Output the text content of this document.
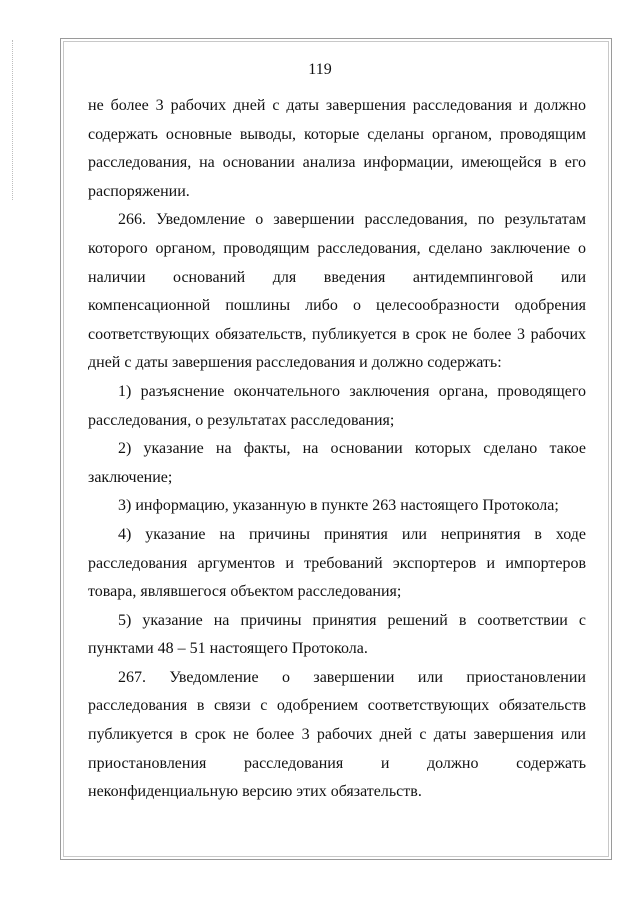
119

не более 3 рабочих дней с даты завершения расследования и должно содержать основные выводы, которые сделаны органом, проводящим расследования, на основании анализа информации, имеющейся в его распоряжении.

266. Уведомление о завершении расследования, по результатам которого органом, проводящим расследования, сделано заключение о наличии оснований для введения антидемпинговой или компенсационной пошлины либо о целесообразности одобрения соответствующих обязательств, публикуется в срок не более 3 рабочих дней с даты завершения расследования и должно содержать:

1) разъяснение окончательного заключения органа, проводящего расследования, о результатах расследования;

2) указание на факты, на основании которых сделано такое заключение;

3) информацию, указанную в пункте 263 настоящего Протокола;

4) указание на причины принятия или непринятия в ходе расследования аргументов и требований экспортеров и импортеров товара, являвшегося объектом расследования;

5) указание на причины принятия решений в соответствии с пунктами 48 – 51 настоящего Протокола.

267. Уведомление о завершении или приостановлении расследования в связи с одобрением соответствующих обязательств публикуется в срок не более 3 рабочих дней с даты завершения или приостановления расследования и должно содержать неконфиденциальную версию этих обязательств.
